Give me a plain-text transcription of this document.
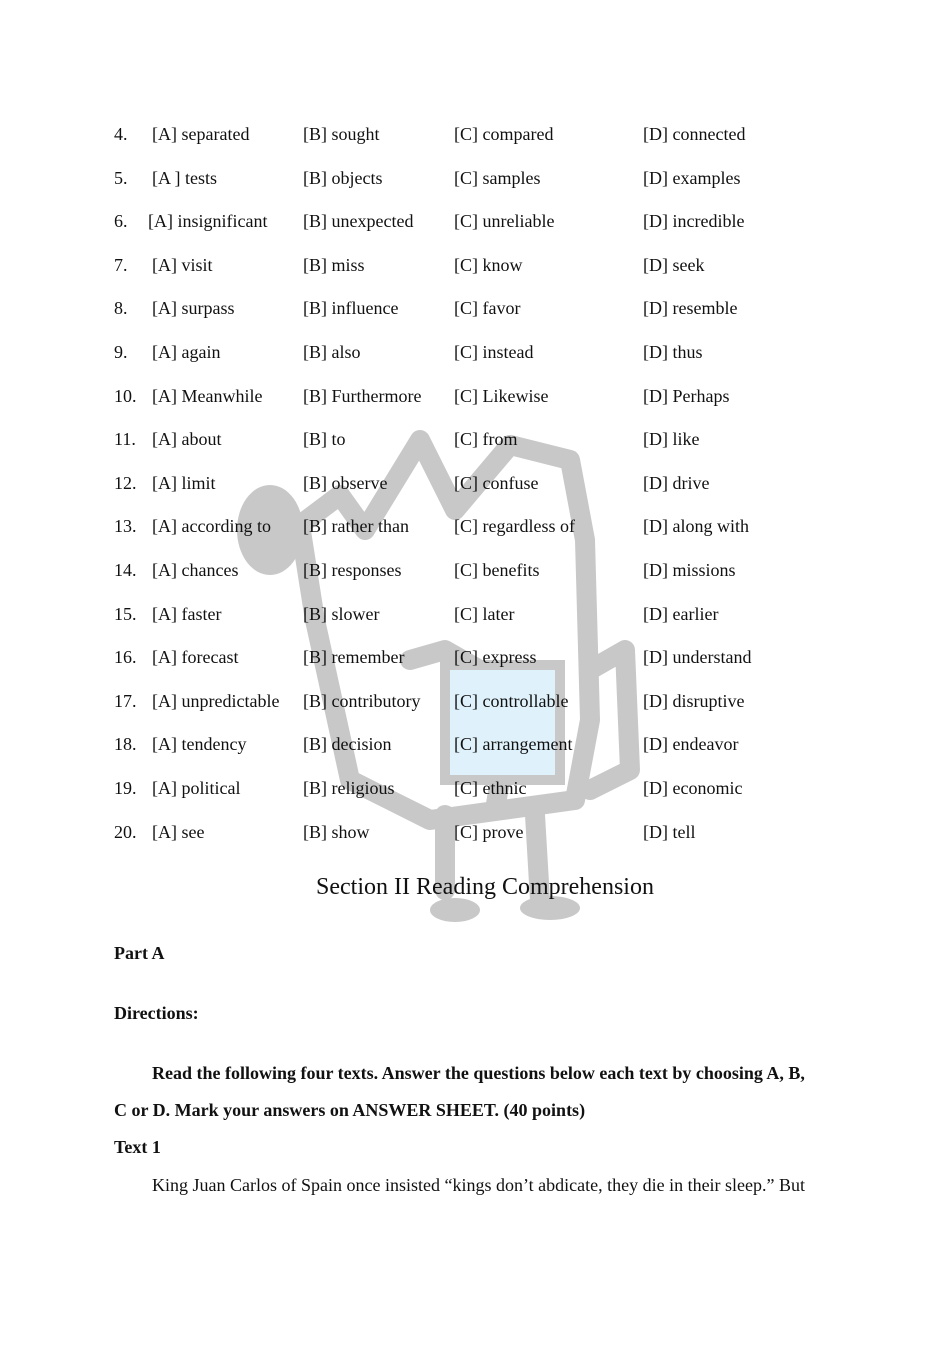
4. [A] separated	[B] sought	[C] compared	[D] connected
5. [A ] tests	[B] objects	[C] samples	[D] examples
6. [A] insignificant [B] unexpected [C] unreliable	[D] incredible
7. [A] visit	[B] miss	[C] know	[D] seek
8. [A] surpass	[B] influence	[C] favor	[D] resemble
9. [A] again	[B] also	[C] instead	[D] thus
10. [A] Meanwhile [B] Furthermore [C] Likewise	[D] Perhaps
11. [A] about	[B] to	[C] from	[D] like
12. [A] limit	[B] observe	[C] confuse	[D] drive
13. [A] according to [B] rather than	[C] regardless of	[D] along with
14. [A] chances	[B] responses	[C] benefits	[D] missions
15. [A] faster	[B] slower	[C] later	[D] earlier
16. [A] forecast	[B] remember	[C] express	[D] understand
17. [A] unpredictable [B] contributory [C] controllable	[D] disruptive
18. [A] tendency	[B] decision	[C] arrangement	[D] endeavor
19. [A] political	[B] religious	[C] ethnic	[D] economic
20. [A] see	[B] show	[C] prove	[D] tell
Section II Reading Comprehension
Part A
Directions:
Read the following four texts. Answer the questions below each text by choosing A, B,
C or D. Mark your answers on ANSWER SHEET. (40 points)
Text 1
King Juan Carlos of Spain once insisted “kings don’t abdicate, they die in their sleep.” But
